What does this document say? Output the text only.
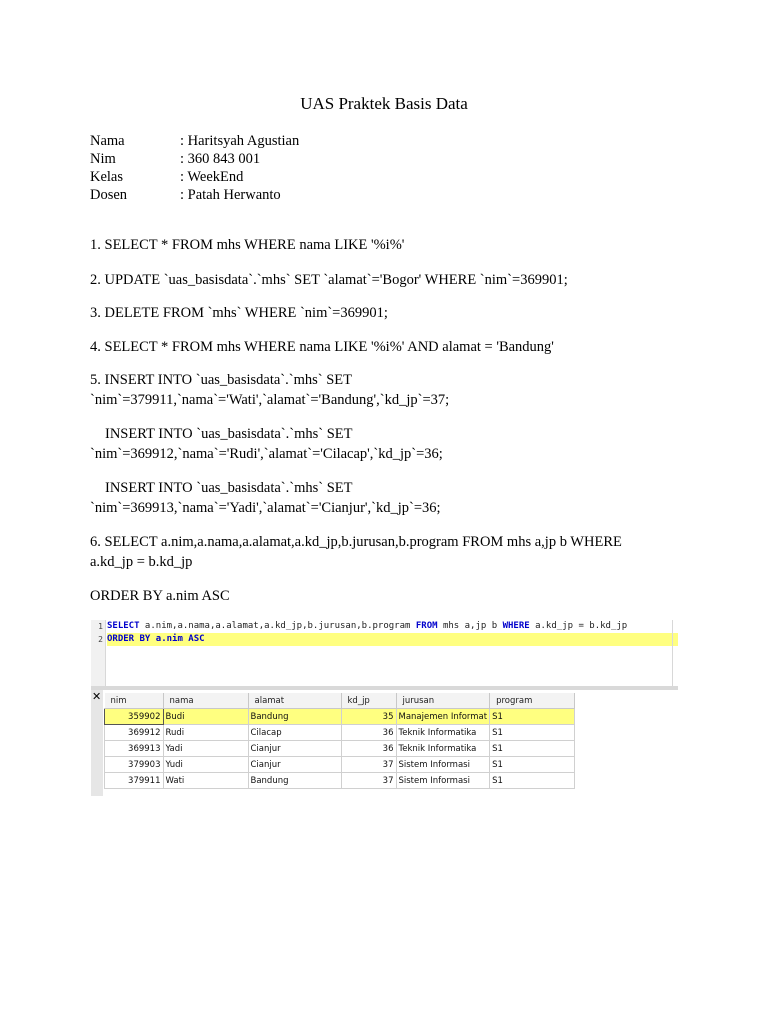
UAS Praktek Basis Data
Nama	: Haritsyah Agustian
Nim	: 360 843 001
Kelas	: WeekEnd
Dosen	: Patah Herwanto
1. SELECT * FROM mhs WHERE nama LIKE '%i%'
2. UPDATE `uas_basisdata`.`mhs` SET `alamat`='Bogor' WHERE `nim`=369901;
3. DELETE FROM `mhs` WHERE `nim`=369901;
4. SELECT * FROM mhs WHERE nama LIKE '%i%' AND alamat = 'Bandung'
5. INSERT INTO `uas_basisdata`.`mhs` SET
`nim`=379911,`nama`='Wati',`alamat`='Bandung',`kd_jp`=37;
INSERT INTO `uas_basisdata`.`mhs` SET
`nim`=369912,`nama`='Rudi',`alamat`='Cilacap',`kd_jp`=36;
INSERT INTO `uas_basisdata`.`mhs` SET
`nim`=369913,`nama`='Yadi',`alamat`='Cianjur',`kd_jp`=36;
6. SELECT a.nim,a.nama,a.alamat,a.kd_jp,b.jurusan,b.program FROM mhs a,jp b WHERE
a.kd_jp = b.kd_jp
ORDER BY a.nim ASC
1
2
SELECT a.nim,a.nama,a.alamat,a.kd_jp,b.jurusan,b.program FROM mhs a,jp b WHERE a.kd_jp = b.kd_jp
ORDER BY a.nim ASC
✕ nim	nama	alamat	kd_jp	jurusan	program
359902	Budi	Bandung	35	Manajemen Informat	S1
369912	Rudi	Cilacap	36	Teknik Informatika	S1
369913	Yadi	Cianjur	36	Teknik Informatika	S1
379903	Yudi	Cianjur	37	Sistem Informasi	S1
379911	Wati	Bandung	37	Sistem Informasi	S1
